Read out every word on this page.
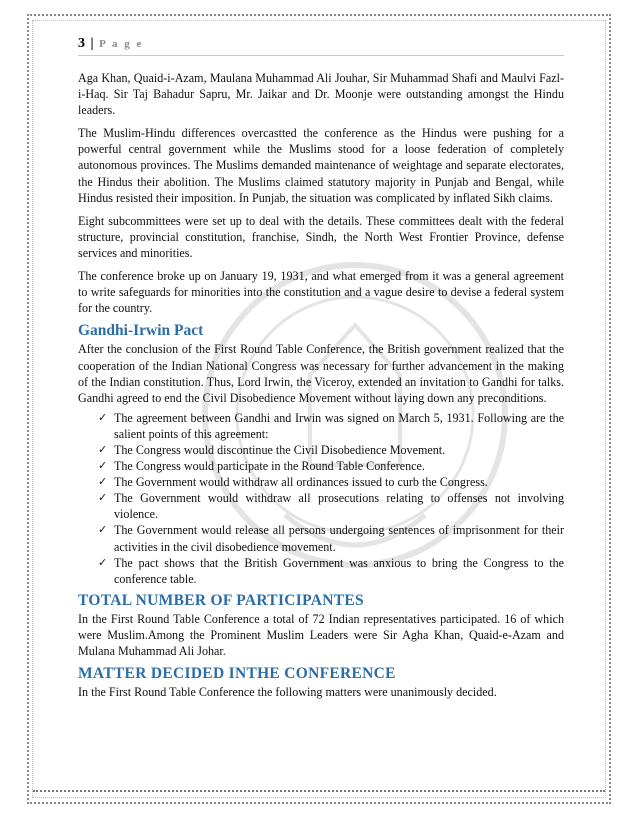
3 | P a g e

Aga Khan, Quaid-i-Azam, Maulana Muhammad Ali Jouhar, Sir Muhammad Shafi and Maulvi Fazl-i-Haq. Sir Taj Bahadur Sapru, Mr. Jaikar and Dr. Moonje were outstanding amongst the Hindu leaders.

The Muslim-Hindu differences overcastted the conference as the Hindus were pushing for a powerful central government while the Muslims stood for a loose federation of completely autonomous provinces. The Muslims demanded maintenance of weightage and separate electorates, the Hindus their abolition. The Muslims claimed statutory majority in Punjab and Bengal, while Hindus resisted their imposition. In Punjab, the situation was complicated by inflated Sikh claims.

Eight subcommittees were set up to deal with the details. These committees dealt with the federal structure, provincial constitution, franchise, Sindh, the North West Frontier Province, defense services and minorities.

The conference broke up on January 19, 1931, and what emerged from it was a general agreement to write safeguards for minorities into the constitution and a vague desire to devise a federal system for the country.

Gandhi-Irwin Pact

After the conclusion of the First Round Table Conference, the British government realized that the cooperation of the Indian National Congress was necessary for further advancement in the making of the Indian constitution. Thus, Lord Irwin, the Viceroy, extended an invitation to Gandhi for talks. Gandhi agreed to end the Civil Disobedience Movement without laying down any preconditions.

✓ The agreement between Gandhi and Irwin was signed on March 5, 1931. Following are the salient points of this agreement:
✓ The Congress would discontinue the Civil Disobedience Movement.
✓ The Congress would participate in the Round Table Conference.
✓ The Government would withdraw all ordinances issued to curb the Congress.
✓ The Government would withdraw all prosecutions relating to offenses not involving violence.
✓ The Government would release all persons undergoing sentences of imprisonment for their activities in the civil disobedience movement.
✓ The pact shows that the British Government was anxious to bring the Congress to the conference table.
TOTAL NUMBER OF PARTICIPANTES

In the First Round Table Conference a total of 72 Indian representatives participated. 16 of which were Muslim.Among the Prominent Muslim Leaders were Sir Agha Khan, Quaid-e-Azam and Mulana Muhammad Ali Johar.

MATTER DECIDED INTHE CONFERENCE

In the First Round Table Conference the following matters were unanimously decided.
